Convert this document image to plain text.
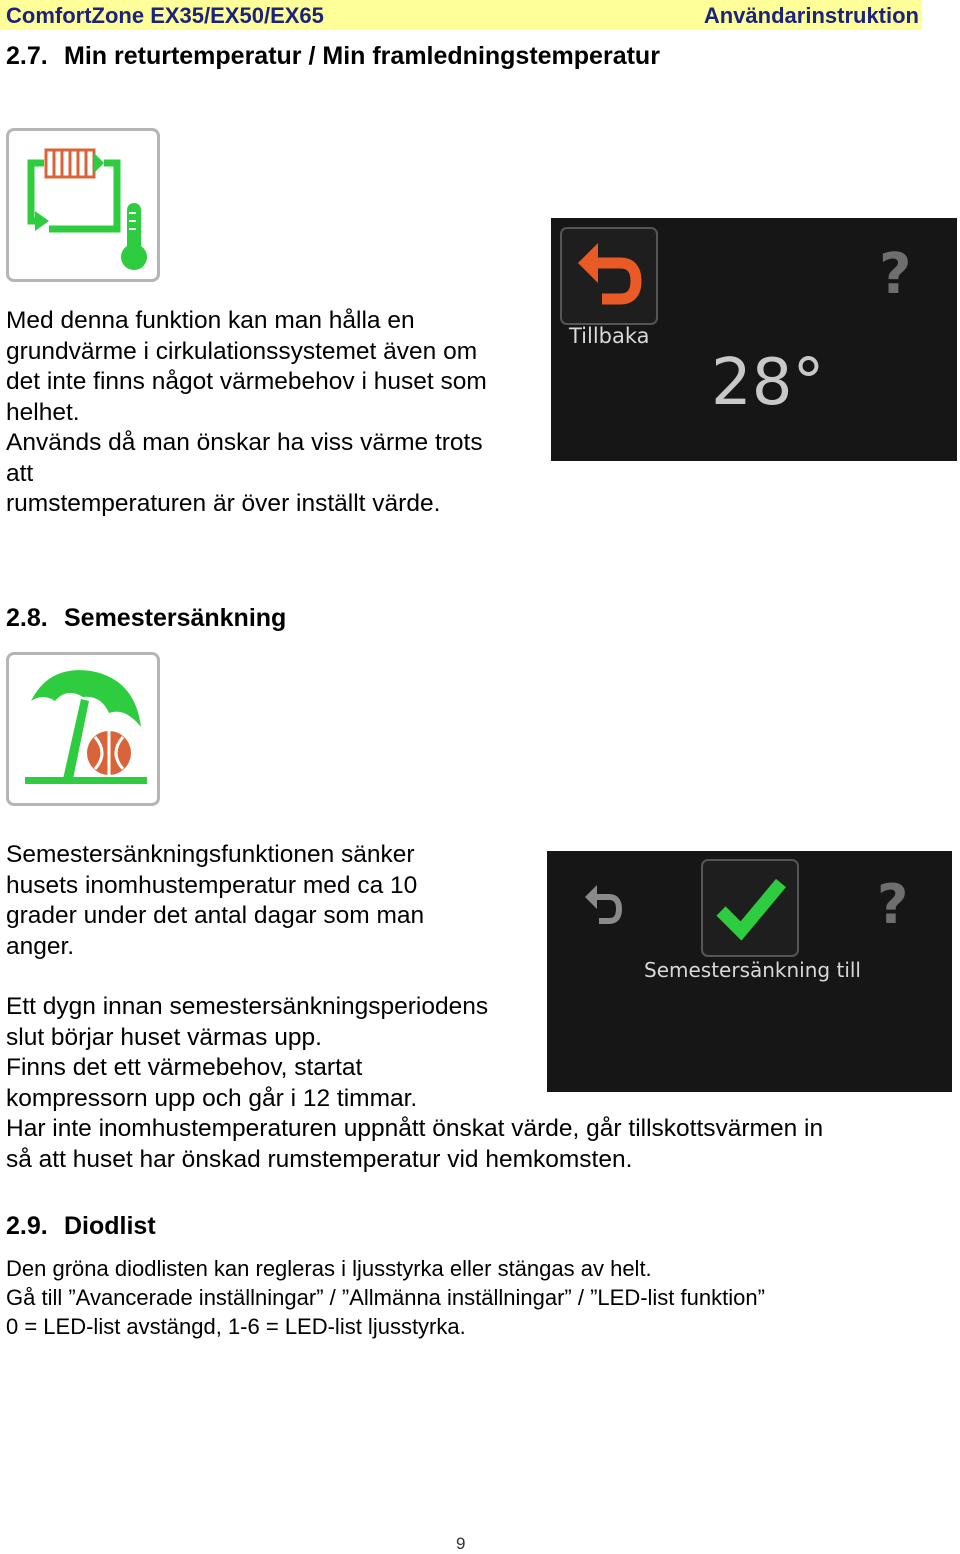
ComfortZone EX35/EX50/EX65	Användarinstruktion
2.7. Min returtemperatur / Min framledningstemperatur

Med denna funktion kan man hålla en

grundvärme i cirkulationssystemet även om

det inte finns något värmebehov i huset som

helhet.

Används då man önskar ha viss värme trots

att

rumstemperaturen är över inställt värde.

Tillbaka
28°
?
2.8. Semestersänkning

Semestersänkningsfunktionen sänker

husets inomhustemperatur med ca 10

grader under det antal dagar som man

anger.

Ett dygn innan semestersänkningsperiodens

slut börjar huset värmas upp.

Finns det ett värmebehov, startat

kompressorn upp och går i 12 timmar.

Har inte inomhustemperaturen uppnått önskat värde, går tillskottsvärmen in

så att huset har önskad rumstemperatur vid hemkomsten.

Semestersänkning till
?
2.9. Diodlist
Den gröna diodlisten kan regleras i ljusstyrka eller stängas av helt.
Gå till ”Avancerade inställningar” / ”Allmänna inställningar” / ”LED-list funktion”
0 = LED-list avstängd, 1-6 = LED-list ljusstyrka.
9
